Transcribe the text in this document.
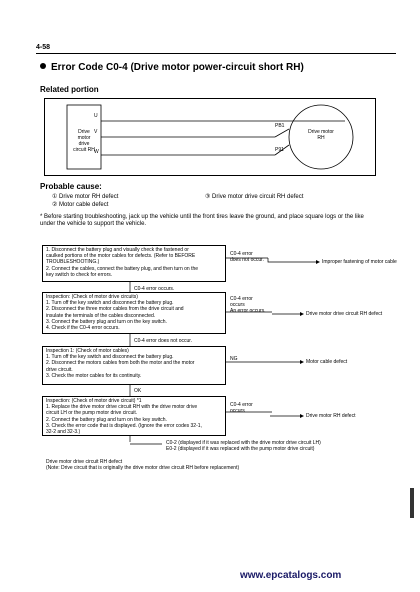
4-58
Error Code C0-4 (Drive motor power-circuit short RH)
Related portion
Drive
motor
drive
circuit RH
U
V
W
PB1
P91
Drive motor
RH
Probable cause:
① Drive motor RH defect	③ Drive motor drive circuit RH defect
② Motor cable defect
* Before starting troubleshooting, jack up the vehicle until the front tires leave the ground, and place square logs or the like under the vehicle to support the vehicle.
1. Disconnect the battery plug and visually check the fastened or
caulked portions of the motor cables for defects. (Refer to BEFORE
TROUBLESHOOTING.)
2. Connect the cables, connect the battery plug, and then turn on the
key switch to check for errors.
C0-4 error
does not occur.	Improper fastening of motor cable
C0-4 error occurs.
Inspection: (Check of motor drive circuits)
1. Turn off the key switch and disconnect the battery plug.
2. Disconnect the three motor cables from the drive circuit and
insulate the terminals of the cables disconnected.
3. Connect the battery plug and turn on the key switch.
4. Check if the C0-4 error occurs.
C0-4 error
occurs
An error occurs.	Drive motor drive circuit RH defect
C0-4 error does not occur.
Inspection 1: (Check of motor cables)
1. Turn off the key switch and disconnect the battery plug.
2. Disconnect the motors cables from both the motor and the motor
drive circuit.
3. Check the motor cables for its continuity.
NG	Motor cable defect
OK
Inspection: (Check of motor drive circuit) *1
1. Replace the drive motor drive circuit RH with the drive motor drive
circuit LH or the pump motor drive circuit.
2. Connect the battery plug and turn on the key switch.
3. Check the error code that is displayed. (Ignore the error codes 32-1,
32-2 and 32-3.)
C0-4 error
occurs
Drive motor RH defect
C0-2 (displayed if it was replaced with the drive motor drive circuit LH)
E0-2 (displayed if it was replaced with the pump motor drive circuit)
Drive motor drive circuit RH defect
(Note: Drive circuit that is originally the drive motor drive circuit RH before replacement)
www.epcatalogs.com
